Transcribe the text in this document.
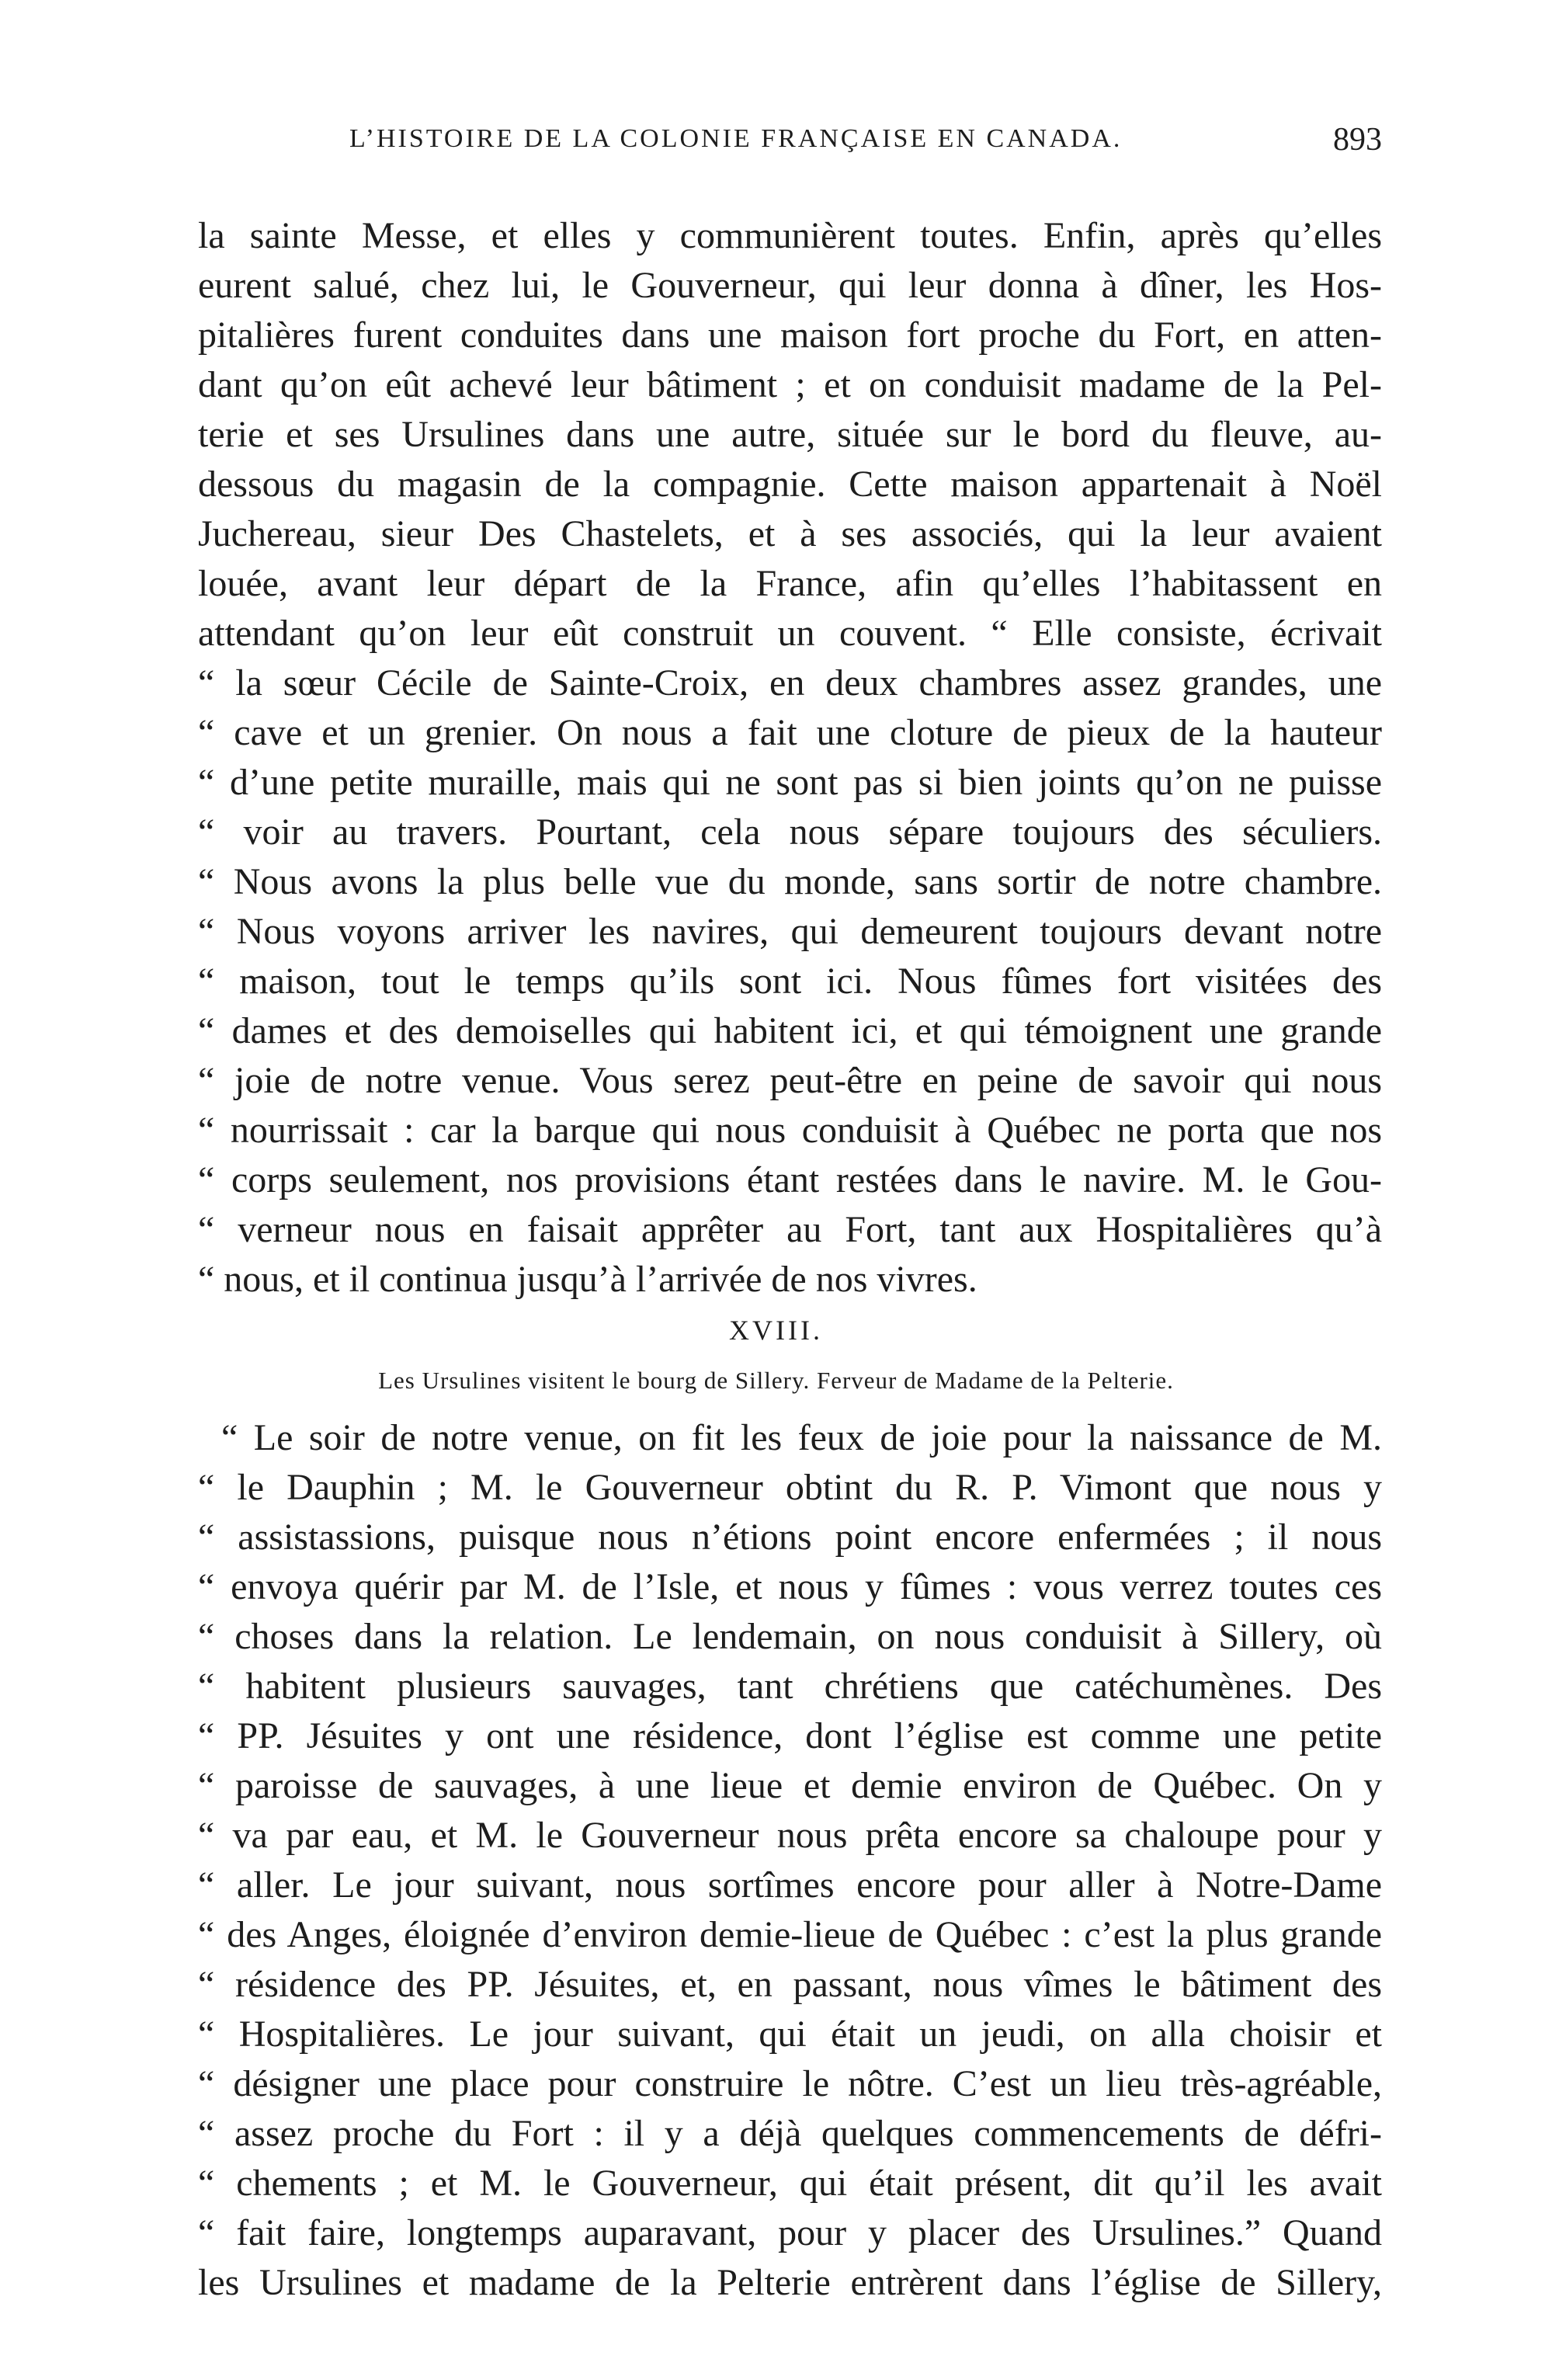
L’HISTOIRE DE LA COLONIE FRANÇAISE EN CANADA.	893
la sainte Messe, et elles y communièrent toutes. Enfin, après qu’elles
eurent salué, chez lui, le Gouverneur, qui leur donna à dîner, les Hos-
pitalières furent conduites dans une maison fort proche du Fort, en atten-
dant qu’on eût achevé leur bâtiment ; et on conduisit madame de la Pel-
terie et ses Ursulines dans une autre, située sur le bord du fleuve, au-
dessous du magasin de la compagnie. Cette maison appartenait à Noël
Juchereau, sieur Des Chastelets, et à ses associés, qui la leur avaient
louée, avant leur départ de la France, afin qu’elles l’habitassent en
attendant qu’on leur eût construit un couvent. “ Elle consiste, écrivait
“ la sœur Cécile de Sainte-Croix, en deux chambres assez grandes, une
“ cave et un grenier. On nous a fait une cloture de pieux de la hauteur
“ d’une petite muraille, mais qui ne sont pas si bien joints qu’on ne puisse
“ voir au travers. Pourtant, cela nous sépare toujours des séculiers.
“ Nous avons la plus belle vue du monde, sans sortir de notre chambre.
“ Nous voyons arriver les navires, qui demeurent toujours devant notre
“ maison, tout le temps qu’ils sont ici. Nous fûmes fort visitées des
“ dames et des demoiselles qui habitent ici, et qui témoignent une grande
“ joie de notre venue. Vous serez peut-être en peine de savoir qui nous
“ nourrissait : car la barque qui nous conduisit à Québec ne porta que nos
“ corps seulement, nos provisions étant restées dans le navire. M. le Gou-
“ verneur nous en faisait apprêter au Fort, tant aux Hospitalières qu’à
“ nous, et il continua jusqu’à l’arrivée de nos vivres.
XVIII.
Les Ursulines visitent le bourg de Sillery. Ferveur de Madame de la Pelterie.
“ Le soir de notre venue, on fit les feux de joie pour la naissance de M.
“ le Dauphin ; M. le Gouverneur obtint du R. P. Vimont que nous y
“ assistassions, puisque nous n’étions point encore enfermées ; il nous
“ envoya quérir par M. de l’Isle, et nous y fûmes : vous verrez toutes ces
“ choses dans la relation. Le lendemain, on nous conduisit à Sillery, où
“ habitent plusieurs sauvages, tant chrétiens que catéchumènes. Des
“ PP. Jésuites y ont une résidence, dont l’église est comme une petite
“ paroisse de sauvages, à une lieue et demie environ de Québec. On y
“ va par eau, et M. le Gouverneur nous prêta encore sa chaloupe pour y
“ aller. Le jour suivant, nous sortîmes encore pour aller à Notre-Dame
“ des Anges, éloignée d’environ demie-lieue de Québec : c’est la plus grande
“ résidence des PP. Jésuites, et, en passant, nous vîmes le bâtiment des
“ Hospitalières. Le jour suivant, qui était un jeudi, on alla choisir et
“ désigner une place pour construire le nôtre. C’est un lieu très-agréable,
“ assez proche du Fort : il y a déjà quelques commencements de défri-
“ chements ; et M. le Gouverneur, qui était présent, dit qu’il les avait
“ fait faire, longtemps auparavant, pour y placer des Ursulines.” Quand
les Ursulines et madame de la Pelterie entrèrent dans l’église de Sillery,
